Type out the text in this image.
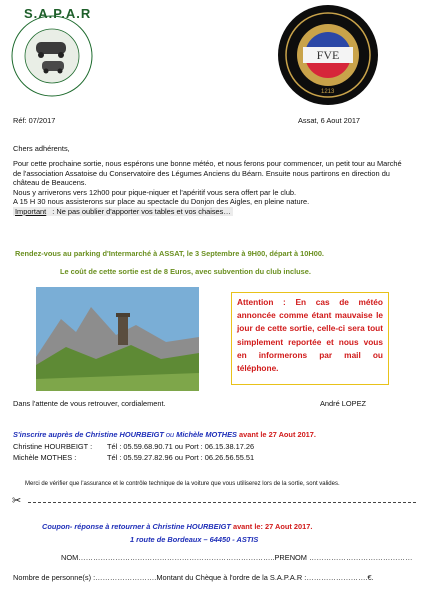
S.A.P.A.R
FVE
1213
Réf: 07/2017	Assat, 6 Aout 2017
Chers adhérents,
Pour cette prochaine sortie, nous espérons une bonne météo, et nous ferons pour commencer, un petit tour au Marché de l'association Assatoise du Conservatoire des Légumes Anciens du Béarn. Ensuite nous partirons en direction du château de Beaucens.
Nous y arriverons vers 12h00 pour pique-niquer et l'apéritif vous sera offert par le club.
A 15 H 30 nous assisterons sur place au spectacle du Donjon des Aigles, en pleine nature.
Important : Ne pas oublier d'apporter vos tables et vos chaises…
Rendez-vous au parking d'Intermarché à ASSAT, le 3 Septembre à 9H00, départ à 10H00.
Le coût de cette sortie est de 8 Euros, avec subvention du club incluse.
Attention : En cas de météo annoncée comme étant mauvaise le jour de cette sortie, celle-ci sera tout simplement reportée et nous vous en informerons par mail ou téléphone.
Dans l'attente de vous retrouver, cordialement.	André LOPEZ
S'inscrire auprès de Christine HOURBEIGT ou Michèle MOTHES avant le 27 Aout 2017.
Christine HOURBEIGT : Tél : 05.59.68.90.71 ou Port : 06.15.38.17.26
Michèle MOTHES :	Tél : 05.59.27.82.96 ou Port : 06.26.56.55.51
Merci de vérifier que l'assurance et le contrôle technique de la voiture que vous utiliserez lors de la sortie, sont valides.
✂
Coupon- réponse à retourner à Christine HOURBEIGT avant le: 27 Aout 2017.
1 route de Bordeaux – 64450 - ASTIS
NOM……………………………………………………………………..PRENOM ……………………………………
Nombre de personne(s) :…………………….Montant du Chèque à l'ordre de la S.A.P.A.R :…………………….€.
